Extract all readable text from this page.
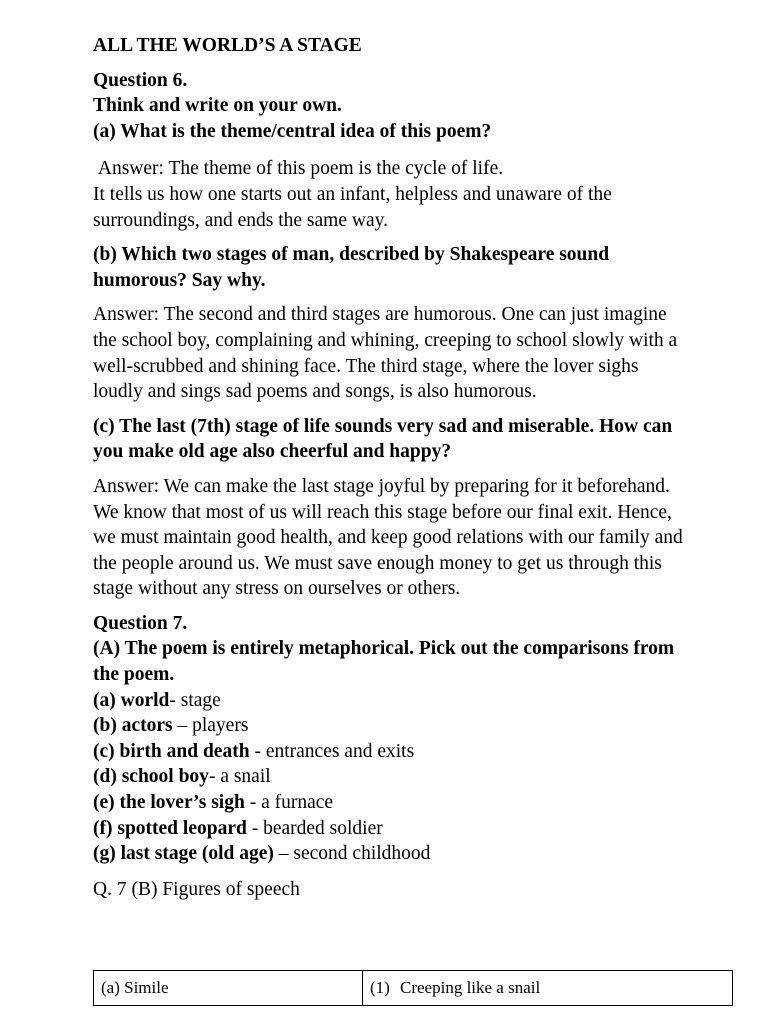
ALL THE WORLD’S A STAGE
Question 6.
Think and write on your own.
(a) What is the theme/central idea of this poem?
Answer: The theme of this poem is the cycle of life.
It tells us how one starts out an infant, helpless and unaware of the surroundings, and ends the same way.

(b) Which two stages of man, described by Shakespeare sound humorous? Say why.

Answer: The second and third stages are humorous. One can just imagine the school boy, complaining and whining, creeping to school slowly with a well-scrubbed and shining face. The third stage, where the lover sighs loudly and sings sad poems and songs, is also humorous.

(c) The last (7th) stage of life sounds very sad and miserable. How can you make old age also cheerful and happy?

Answer: We can make the last stage joyful by preparing for it beforehand. We know that most of us will reach this stage before our final exit. Hence, we must maintain good health, and keep good relations with our family and the people around us. We must save enough money to get us through this stage without any stress on ourselves or others.

Question 7.
(A) The poem is entirely metaphorical. Pick out the comparisons from the poem.
(a) world- stage
(b) actors – players
(c) birth and death - entrances and exits
(d) school boy- a snail
(e) the lover’s sigh - a furnace
(f) spotted leopard - bearded soldier
(g) last stage (old age) – second childhood

Q. 7 (B) Figures of speech

(a) Simile	(1) Creeping like a snail
